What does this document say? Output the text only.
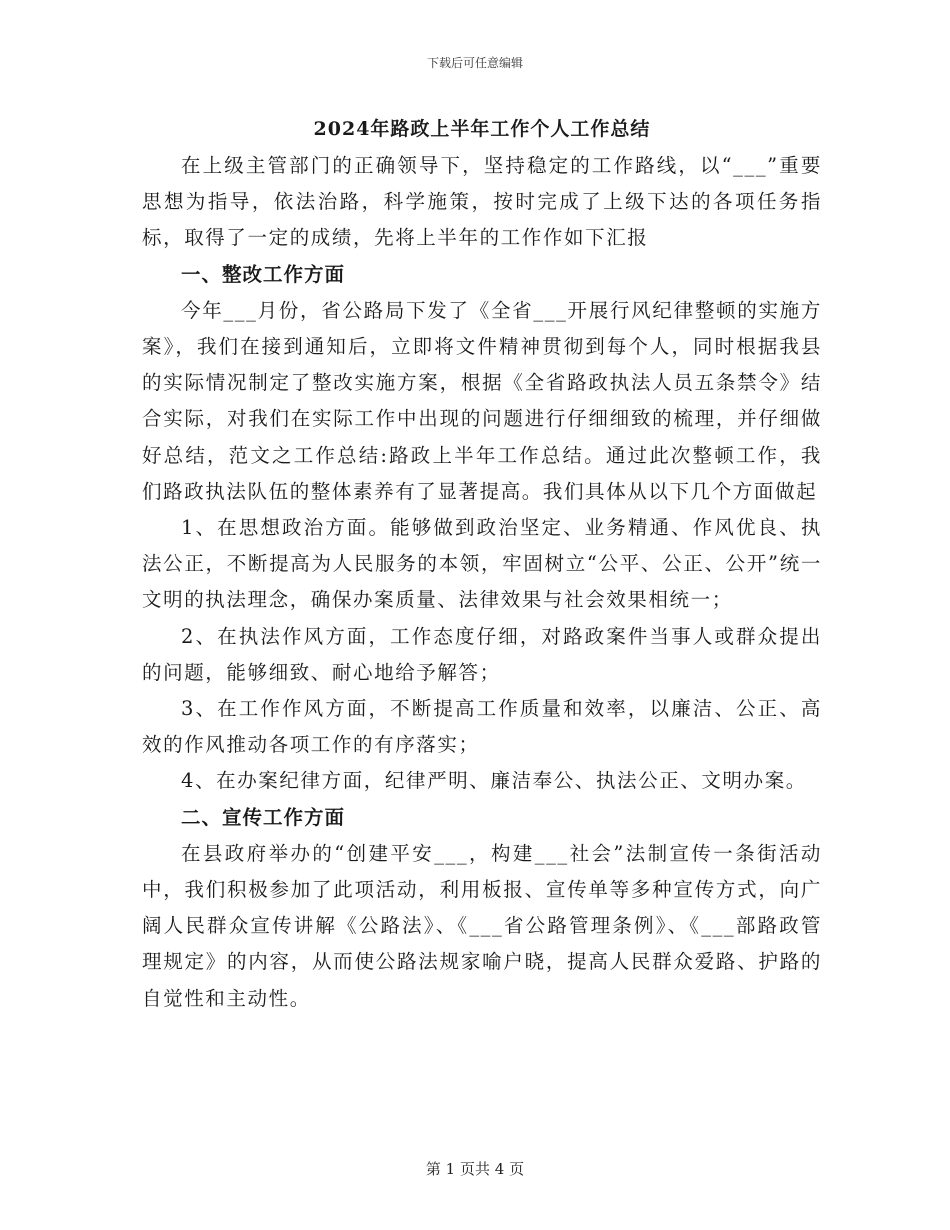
下载后可任意编辑
2024年路政上半年工作个人工作总结

在上级主管部门的正确领导下，坚持稳定的工作路线，以“___”重要思想为指导，依法治路，科学施策，按时完成了上级下达的各项任务指标，取得了一定的成绩，先将上半年的工作作如下汇报

一、整改工作方面

今年___月份，省公路局下发了《全省___开展行风纪律整顿的实施方案》，我们在接到通知后，立即将文件精神贯彻到每个人，同时根据我县的实际情况制定了整改实施方案，根据《全省路政执法人员五条禁令》结合实际，对我们在实际工作中出现的问题进行仔细细致的梳理，并仔细做好总结，范文之工作总结:路政上半年工作总结。通过此次整顿工作，我们路政执法队伍的整体素养有了显著提高。我们具体从以下几个方面做起

1、在思想政治方面。能够做到政治坚定、业务精通、作风优良、执法公正，不断提高为人民服务的本领，牢固树立“公平、公正、公开”统一文明的执法理念，确保办案质量、法律效果与社会效果相统一；

2、在执法作风方面，工作态度仔细，对路政案件当事人或群众提出的问题，能够细致、耐心地给予解答；

3、在工作作风方面，不断提高工作质量和效率，以廉洁、公正、高效的作风推动各项工作的有序落实；

4、在办案纪律方面，纪律严明、廉洁奉公、执法公正、文明办案。

二、宣传工作方面

在县政府举办的“创建平安___，构建___社会”法制宣传一条街活动中，我们积极参加了此项活动，利用板报、宣传单等多种宣传方式，向广阔人民群众宣传讲解《公路法》、《___省公路管理条例》、《___部路政管理规定》的内容，从而使公路法规家喻户晓，提高人民群众爱路、护路的自觉性和主动性。

第 1 页共 4 页
